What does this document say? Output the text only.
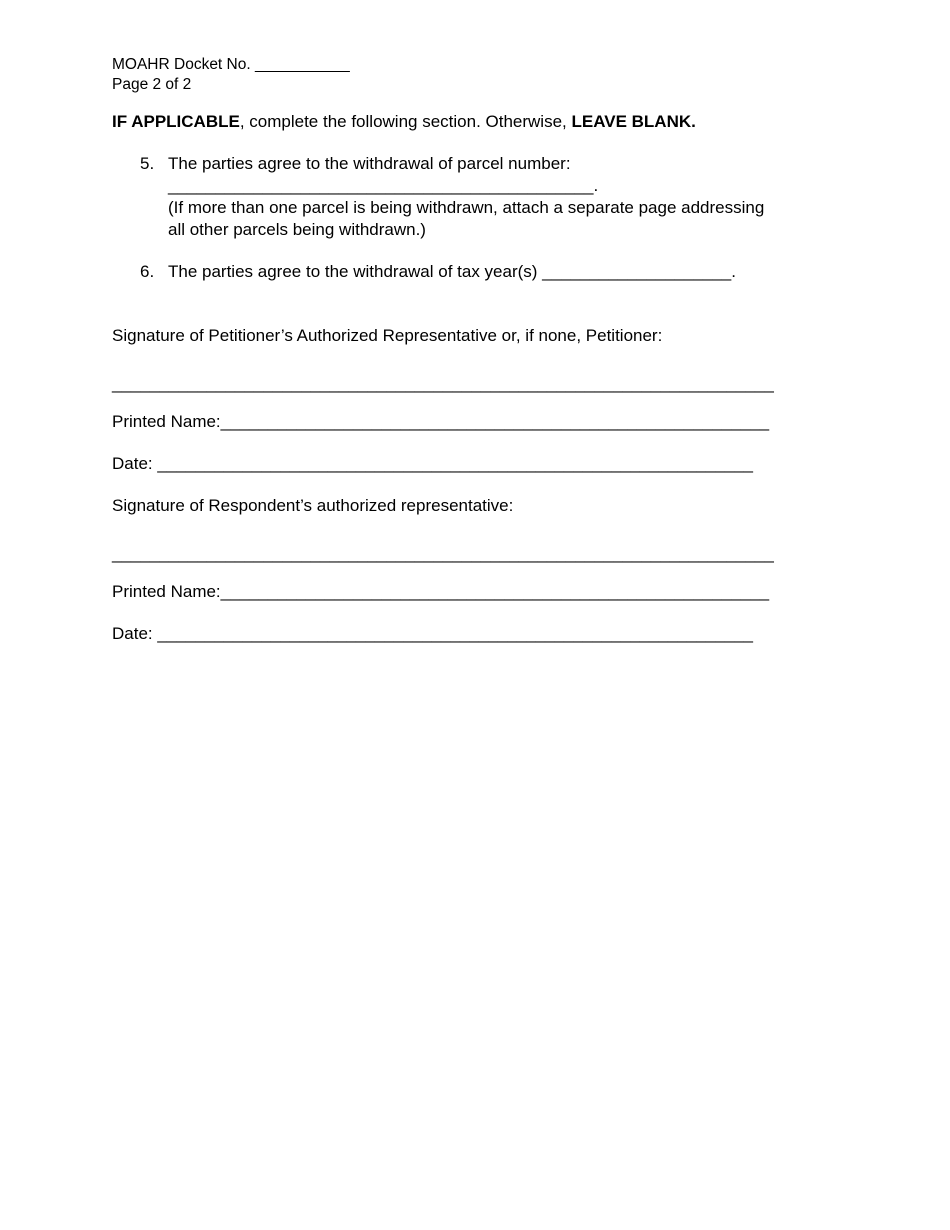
MOAHR Docket No. ___________
Page 2 of 2
IF APPLICABLE, complete the following section. Otherwise, LEAVE BLANK.
5. The parties agree to the withdrawal of parcel number:
_____________________________________________.
(If more than one parcel is being withdrawn, attach a separate page addressing
all other parcels being withdrawn.)
6. The parties agree to the withdrawal of tax year(s) ____________________.
Signature of Petitioner’s Authorized Representative or, if none, Petitioner:
______________________________________________________________________
Printed Name:__________________________________________________________
Date: _______________________________________________________________
Signature of Respondent’s authorized representative:
______________________________________________________________________
Printed Name:__________________________________________________________
Date: _______________________________________________________________
